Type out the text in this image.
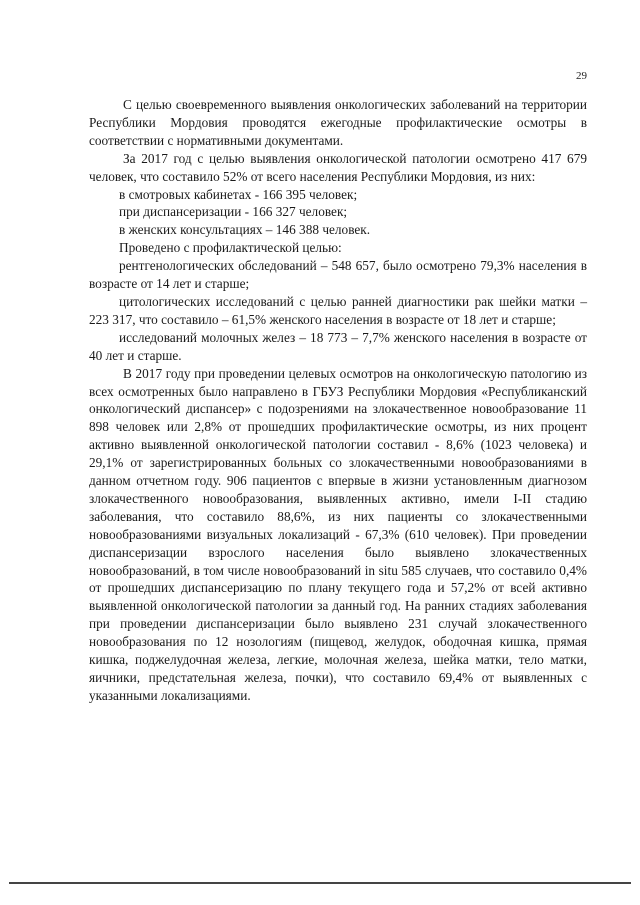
29

С целью своевременного выявления онкологических заболеваний на территории Республики Мордовия проводятся ежегодные профилактические осмотры в соответствии с нормативными документами.

За 2017 год с целью выявления онкологической патологии осмотрено 417 679 человек, что составило 52% от всего населения Республики Мордовия, из них:

в смотровых кабинетах - 166 395 человек;

при диспансеризации - 166 327 человек;

в женских консультациях – 146 388 человек.

Проведено с профилактической целью:

рентгенологических обследований – 548 657, было осмотрено 79,3% населения в возрасте от 14 лет и старше;

цитологических исследований с целью ранней диагностики рак шейки матки – 223 317, что составило – 61,5% женского населения в возрасте от 18 лет и старше;

исследований молочных желез – 18 773 – 7,7% женского населения в возрасте от 40 лет и старше.

В 2017 году при проведении целевых осмотров на онкологическую патологию из всех осмотренных было направлено в ГБУЗ Республики Мордовия «Республиканский онкологический диспансер» с подозрениями на злокачественное новообразование 11 898 человек или 2,8% от прошедших профилактические осмотры, из них процент активно выявленной онкологической патологии составил - 8,6% (1023 человека) и 29,1% от зарегистрированных больных со злокачественными новообразованиями в данном отчетном году. 906 пациентов с впервые в жизни установленным диагнозом злокачественного новообразования, выявленных активно, имели I-II стадию заболевания, что составило 88,6%, из них пациенты со злокачественными новообразованиями визуальных локализаций - 67,3% (610 человек). При проведении диспансеризации взрослого населения было выявлено злокачественных новообразований, в том числе новообразований in situ 585 случаев, что составило 0,4% от прошедших диспансеризацию по плану текущего года и 57,2% от всей активно выявленной онкологической патологии за данный год. На ранних стадиях заболевания при проведении диспансеризации было выявлено 231 случай злокачественного новообразования по 12 нозологиям (пищевод, желудок, ободочная кишка, прямая кишка, поджелудочная железа, легкие, молочная железа, шейка матки, тело матки, яичники, предстательная железа, почки), что составило 69,4% от выявленных с указанными локализациями.
